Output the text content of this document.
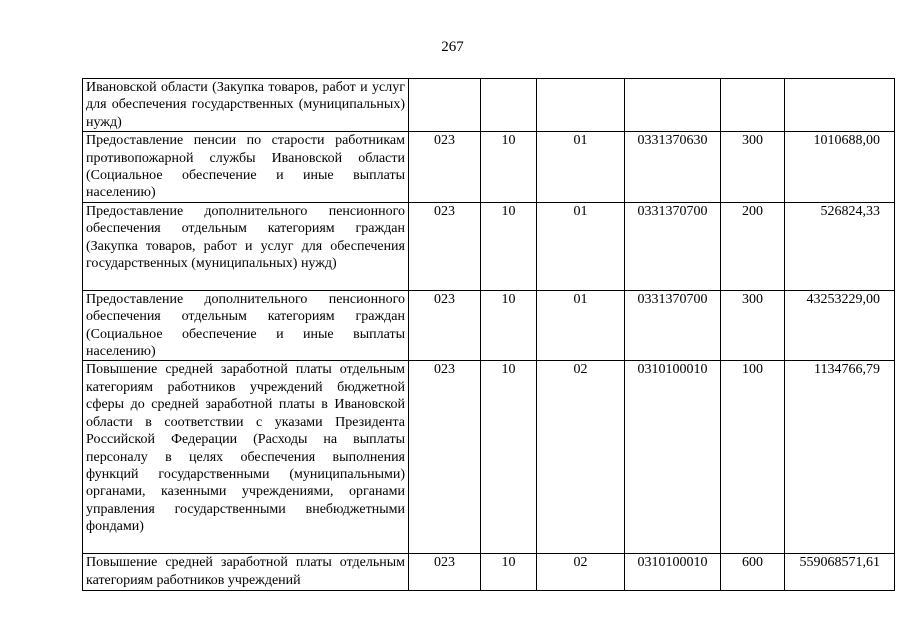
267
Ивановской области (Закупка товаров, работ и услуг для обеспечения государственных (муниципальных) нужд)						
Предоставление пенсии по старости работникам противопожарной службы Ивановской области (Социальное обеспечение и иные выплаты населению)	023	10	01	0331370630	300	1010688,00
Предоставление дополнительного пенсионного обеспечения отдельным категориям граждан (Закупка товаров, работ и услуг для обеспечения государственных (муниципальных) нужд)	023	10	01	0331370700	200	526824,33
Предоставление дополнительного пенсионного обеспечения отдельным категориям граждан (Социальное обеспечение и иные выплаты населению)	023	10	01	0331370700	300	43253229,00
Повышение средней заработной платы отдельным категориям работников учреждений бюджетной сферы до средней заработной платы в Ивановской области в соответствии с указами Президента Российской Федерации (Расходы на выплаты персоналу в целях обеспечения выполнения функций государственными (муниципальными) органами, казенными учреждениями, органами управления государственными внебюджетными фондами)	023	10	02	0310100010	100	1134766,79
Повышение средней заработной платы отдельным категориям работников учреждений	023	10	02	0310100010	600	559068571,61
